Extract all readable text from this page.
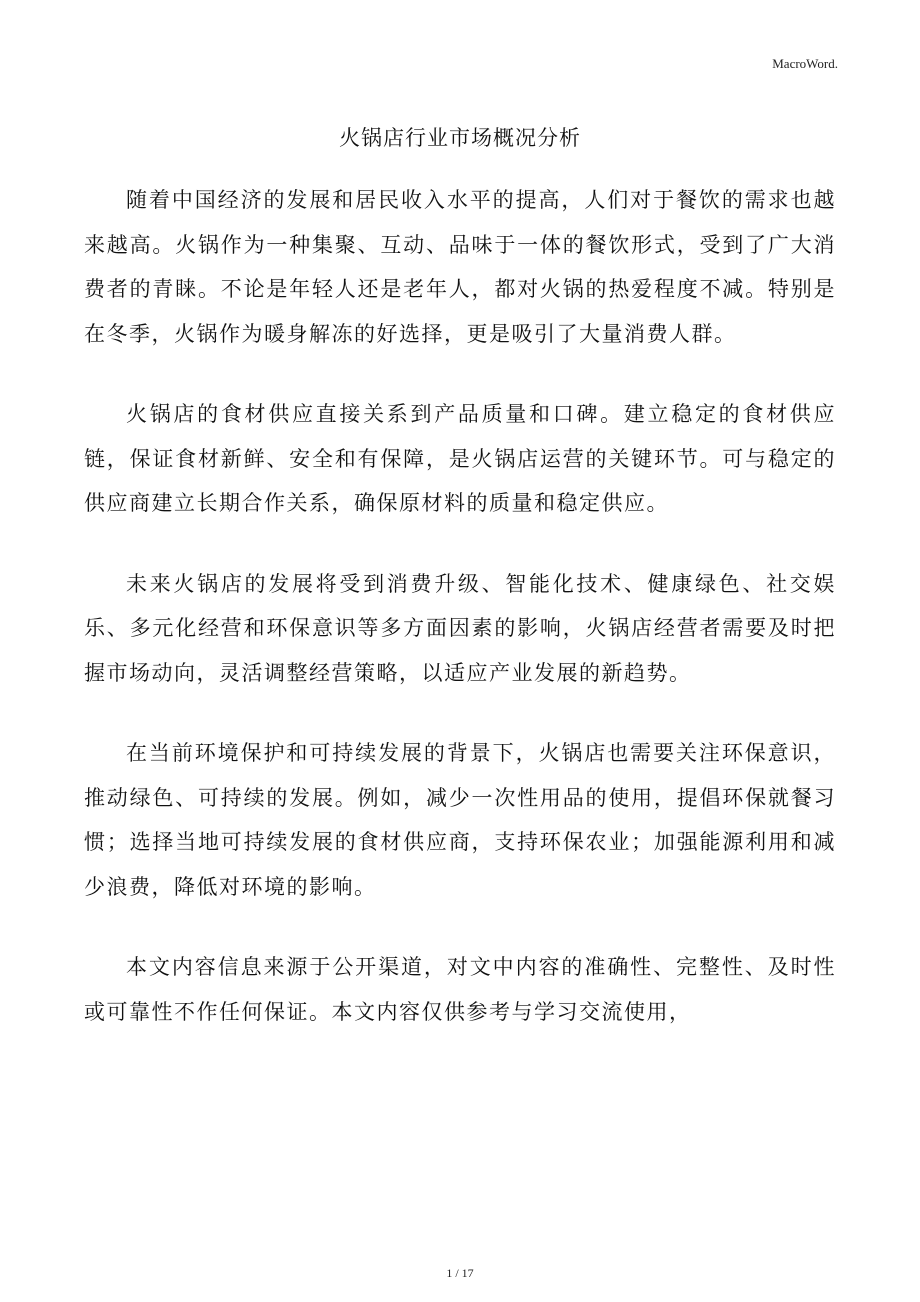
MacroWord.
火锅店行业市场概况分析

随着中国经济的发展和居民收入水平的提高，人们对于餐饮的需求也越来越高。火锅作为一种集聚、互动、品味于一体的餐饮形式，受到了广大消费者的青睐。不论是年轻人还是老年人，都对火锅的热爱程度不减。特别是在冬季，火锅作为暖身解冻的好选择，更是吸引了大量消费人群。

火锅店的食材供应直接关系到产品质量和口碑。建立稳定的食材供应链，保证食材新鲜、安全和有保障，是火锅店运营的关键环节。可与稳定的供应商建立长期合作关系，确保原材料的质量和稳定供应。

未来火锅店的发展将受到消费升级、智能化技术、健康绿色、社交娱乐、多元化经营和环保意识等多方面因素的影响，火锅店经营者需要及时把握市场动向，灵活调整经营策略，以适应产业发展的新趋势。

在当前环境保护和可持续发展的背景下，火锅店也需要关注环保意识，推动绿色、可持续的发展。例如，减少一次性用品的使用，提倡环保就餐习惯；选择当地可持续发展的食材供应商，支持环保农业；加强能源利用和减少浪费，降低对环境的影响。

本文内容信息来源于公开渠道，对文中内容的准确性、完整性、及时性或可靠性不作任何保证。本文内容仅供参考与学习交流使用，

1 / 17
